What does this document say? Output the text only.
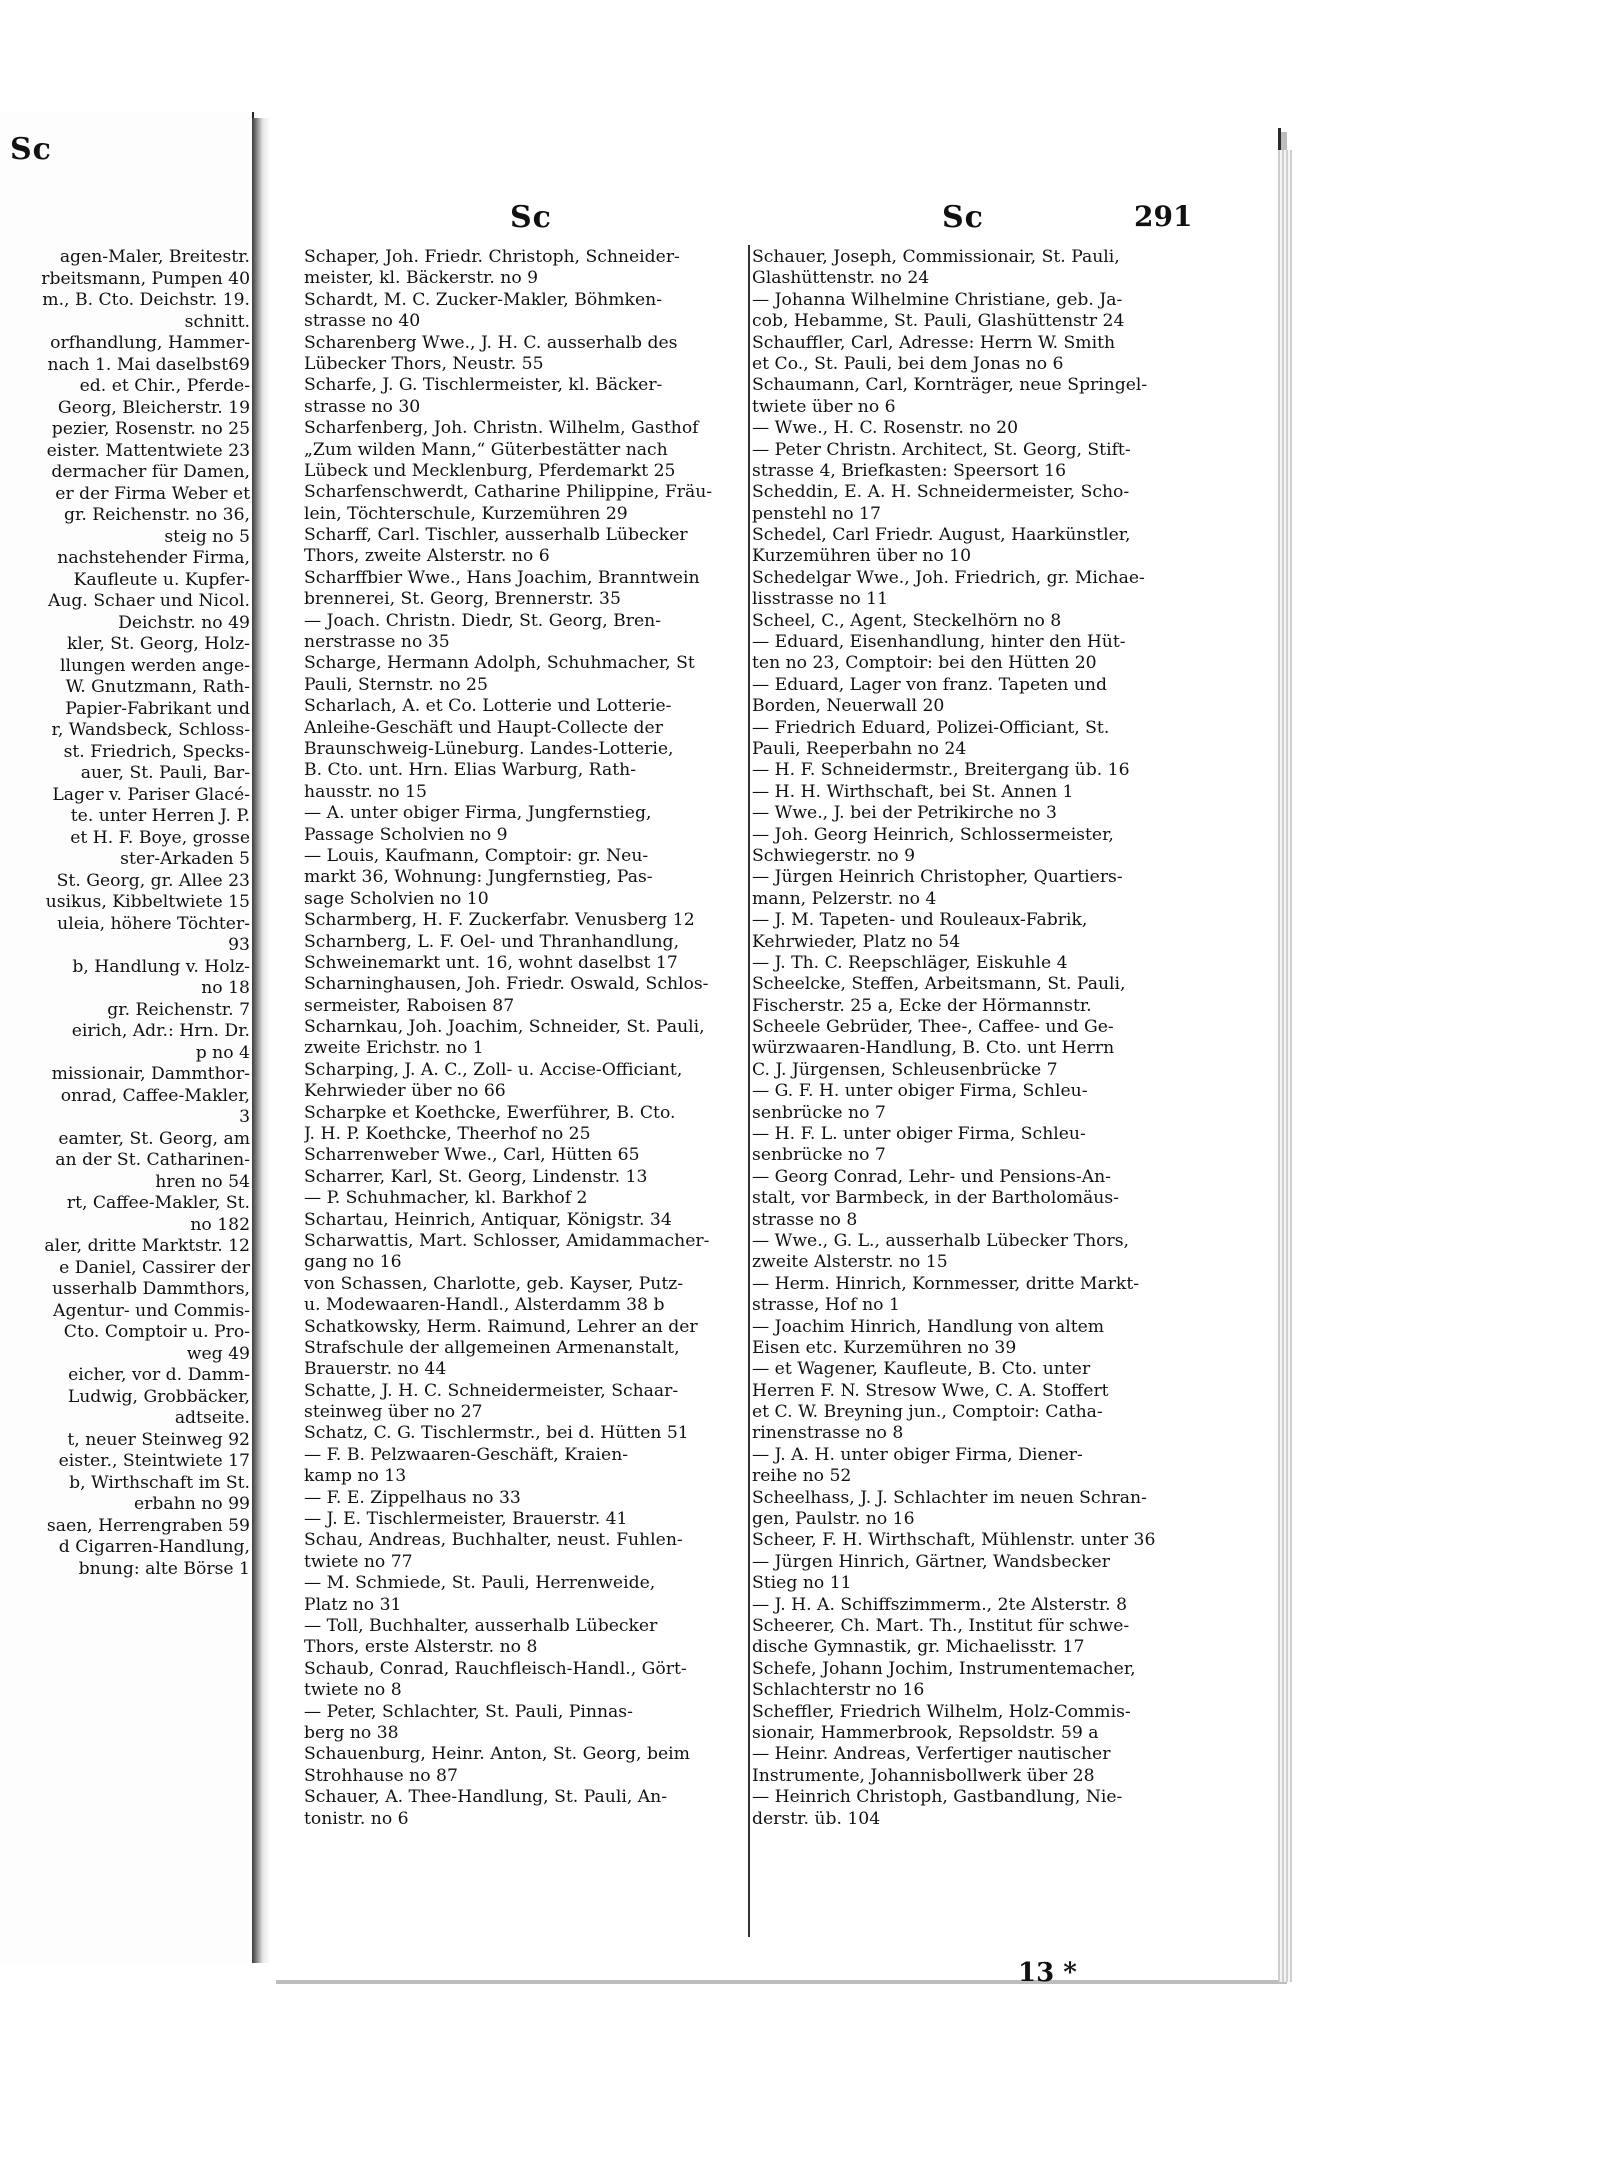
Sc
agen-Maler, Breitestr.
rbeitsmann, Pumpen 40
m., B. Cto. Deichstr. 19.
schnitt.
orfhandlung, Hammer-
nach 1. Mai daselbst69
ed. et Chir., Pferde-
Georg, Bleicherstr. 19
pezier, Rosenstr. no 25
eister. Mattentwiete 23
dermacher für Damen,
er der Firma Weber et
gr. Reichenstr. no 36,
steig no 5
nachstehender Firma,
Kaufleute u. Kupfer-
Aug. Schaer und Nicol.
Deichstr. no 49
kler, St. Georg, Holz-
llungen werden ange-
W. Gnutzmann, Rath-
Papier-Fabrikant und
r, Wandsbeck, Schloss-
st. Friedrich, Specks-
auer, St. Pauli, Bar-
Lager v. Pariser Glacé-
te. unter Herren J. P.
et H. F. Boye, grosse
ster-Arkaden 5
St. Georg, gr. Allee 23
usikus, Kibbeltwiete 15
uleia, höhere Töchter-
93
b, Handlung v. Holz-
no 18
gr. Reichenstr. 7
eirich, Adr.: Hrn. Dr.
p no 4
missionair, Dammthor-
onrad, Caffee-Makler,
3
eamter, St. Georg, am
an der St. Catharinen-
hren no 54
rt, Caffee-Makler, St.
no 182
aler, dritte Marktstr. 12
e Daniel, Cassirer der
usserhalb Dammthors,
Agentur- und Commis-
Cto. Comptoir u. Pro-
weg 49
eicher, vor d. Damm-
Ludwig, Grobbäcker,
adtseite.
t, neuer Steinweg 92
eister., Steintwiete 17
b, Wirthschaft im St.
erbahn no 99
saen, Herrengraben 59
d Cigarren-Handlung,
bnung: alte Börse 1
Sc	Sc	291
Schaper, Joh. Friedr. Christoph, Schneider-
meister, kl. Bäckerstr. no 9
Schardt, M. C. Zucker-Makler, Böhmken-
strasse no 40
Scharenberg Wwe., J. H. C. ausserhalb des
Lübecker Thors, Neustr. 55
Scharfe, J. G. Tischlermeister, kl. Bäcker-
strasse no 30
Scharfenberg, Joh. Christn. Wilhelm, Gasthof
„Zum wilden Mann,“ Güterbestätter nach
Lübeck und Mecklenburg, Pferdemarkt 25
Scharfenschwerdt, Catharine Philippine, Fräu-
lein, Töchterschule, Kurzemühren 29
Scharff, Carl. Tischler, ausserhalb Lübecker
Thors, zweite Alsterstr. no 6
Scharffbier Wwe., Hans Joachim, Branntwein
brennerei, St. Georg, Brennerstr. 35
— Joach. Christn. Diedr, St. Georg, Bren-
nerstrasse no 35
Scharge, Hermann Adolph, Schuhmacher, St
Pauli, Sternstr. no 25
Scharlach, A. et Co. Lotterie und Lotterie-
Anleihe-Geschäft und Haupt-Collecte der
Braunschweig-Lüneburg. Landes-Lotterie,
B. Cto. unt. Hrn. Elias Warburg, Rath-
hausstr. no 15
— A. unter obiger Firma, Jungfernstieg,
Passage Scholvien no 9
— Louis, Kaufmann, Comptoir: gr. Neu-
markt 36, Wohnung: Jungfernstieg, Pas-
sage Scholvien no 10
Scharmberg, H. F. Zuckerfabr. Venusberg 12
Scharnberg, L. F. Oel- und Thranhandlung,
Schweinemarkt unt. 16, wohnt daselbst 17
Scharninghausen, Joh. Friedr. Oswald, Schlos-
sermeister, Raboisen 87
Scharnkau, Joh. Joachim, Schneider, St. Pauli,
zweite Erichstr. no 1
Scharping, J. A. C., Zoll- u. Accise-Officiant,
Kehrwieder über no 66
Scharpke et Koethcke, Ewerführer, B. Cto.
J. H. P. Koethcke, Theerhof no 25
Scharrenweber Wwe., Carl, Hütten 65
Scharrer, Karl, St. Georg, Lindenstr. 13
— P. Schuhmacher, kl. Barkhof 2
Schartau, Heinrich, Antiquar, Königstr. 34
Scharwattis, Mart. Schlosser, Amidammacher-
gang no 16
von Schassen, Charlotte, geb. Kayser, Putz-
u. Modewaaren-Handl., Alsterdamm 38 b
Schatkowsky, Herm. Raimund, Lehrer an der
Strafschule der allgemeinen Armenanstalt,
Brauerstr. no 44
Schatte, J. H. C. Schneidermeister, Schaar-
steinweg über no 27
Schatz, C. G. Tischlermstr., bei d. Hütten 51
— F. B. Pelzwaaren-Geschäft, Kraien-
kamp no 13
— F. E. Zippelhaus no 33
— J. E. Tischlermeister, Brauerstr. 41
Schau, Andreas, Buchhalter, neust. Fuhlen-
twiete no 77
— M. Schmiede, St. Pauli, Herrenweide,
Platz no 31
— Toll, Buchhalter, ausserhalb Lübecker
Thors, erste Alsterstr. no 8
Schaub, Conrad, Rauchfleisch-Handl., Gört-
twiete no 8
— Peter, Schlachter, St. Pauli, Pinnas-
berg no 38
Schauenburg, Heinr. Anton, St. Georg, beim
Strohhause no 87
Schauer, A. Thee-Handlung, St. Pauli, An-
tonistr. no 6
Schauer, Joseph, Commissionair, St. Pauli,
Glashüttenstr. no 24
— Johanna Wilhelmine Christiane, geb. Ja-
cob, Hebamme, St. Pauli, Glashüttenstr 24
Schauffler, Carl, Adresse: Herrn W. Smith
et Co., St. Pauli, bei dem Jonas no 6
Schaumann, Carl, Kornträger, neue Springel-
twiete über no 6
— Wwe., H. C. Rosenstr. no 20
— Peter Christn. Architect, St. Georg, Stift-
strasse 4, Briefkasten: Speersort 16
Scheddin, E. A. H. Schneidermeister, Scho-
penstehl no 17
Schedel, Carl Friedr. August, Haarkünstler,
Kurzemühren über no 10
Schedelgar Wwe., Joh. Friedrich, gr. Michae-
lisstrasse no 11
Scheel, C., Agent, Steckelhörn no 8
— Eduard, Eisenhandlung, hinter den Hüt-
ten no 23, Comptoir: bei den Hütten 20
— Eduard, Lager von franz. Tapeten und
Borden, Neuerwall 20
— Friedrich Eduard, Polizei-Officiant, St.
Pauli, Reeperbahn no 24
— H. F. Schneidermstr., Breitergang üb. 16
— H. H. Wirthschaft, bei St. Annen 1
— Wwe., J. bei der Petrikirche no 3
— Joh. Georg Heinrich, Schlossermeister,
Schwiegerstr. no 9
— Jürgen Heinrich Christopher, Quartiers-
mann, Pelzerstr. no 4
— J. M. Tapeten- und Rouleaux-Fabrik,
Kehrwieder, Platz no 54
— J. Th. C. Reepschläger, Eiskuhle 4
Scheelcke, Steffen, Arbeitsmann, St. Pauli,
Fischerstr. 25 a, Ecke der Hörmannstr.
Scheele Gebrüder, Thee-, Caffee- und Ge-
würzwaaren-Handlung, B. Cto. unt Herrn
C. J. Jürgensen, Schleusenbrücke 7
— G. F. H. unter obiger Firma, Schleu-
senbrücke no 7
— H. F. L. unter obiger Firma, Schleu-
senbrücke no 7
— Georg Conrad, Lehr- und Pensions-An-
stalt, vor Barmbeck, in der Bartholomäus-
strasse no 8
— Wwe., G. L., ausserhalb Lübecker Thors,
zweite Alsterstr. no 15
— Herm. Hinrich, Kornmesser, dritte Markt-
strasse, Hof no 1
— Joachim Hinrich, Handlung von altem
Eisen etc. Kurzemühren no 39
— et Wagener, Kaufleute, B. Cto. unter
Herren F. N. Stresow Wwe, C. A. Stoffert
et C. W. Breyning jun., Comptoir: Catha-
rinenstrasse no 8
— J. A. H. unter obiger Firma, Diener-
reihe no 52
Scheelhass, J. J. Schlachter im neuen Schran-
gen, Paulstr. no 16
Scheer, F. H. Wirthschaft, Mühlenstr. unter 36
— Jürgen Hinrich, Gärtner, Wandsbecker
Stieg no 11
— J. H. A. Schiffszimmerm., 2te Alsterstr. 8
Scheerer, Ch. Mart. Th., Institut für schwe-
dische Gymnastik, gr. Michaelisstr. 17
Schefe, Johann Jochim, Instrumentemacher,
Schlachterstr no 16
Scheffler, Friedrich Wilhelm, Holz-Commis-
sionair, Hammerbrook, Repsoldstr. 59 a
— Heinr. Andreas, Verfertiger nautischer
Instrumente, Johannisbollwerk über 28
— Heinrich Christoph, Gastbandlung, Nie-
derstr. üb. 104
13 *
